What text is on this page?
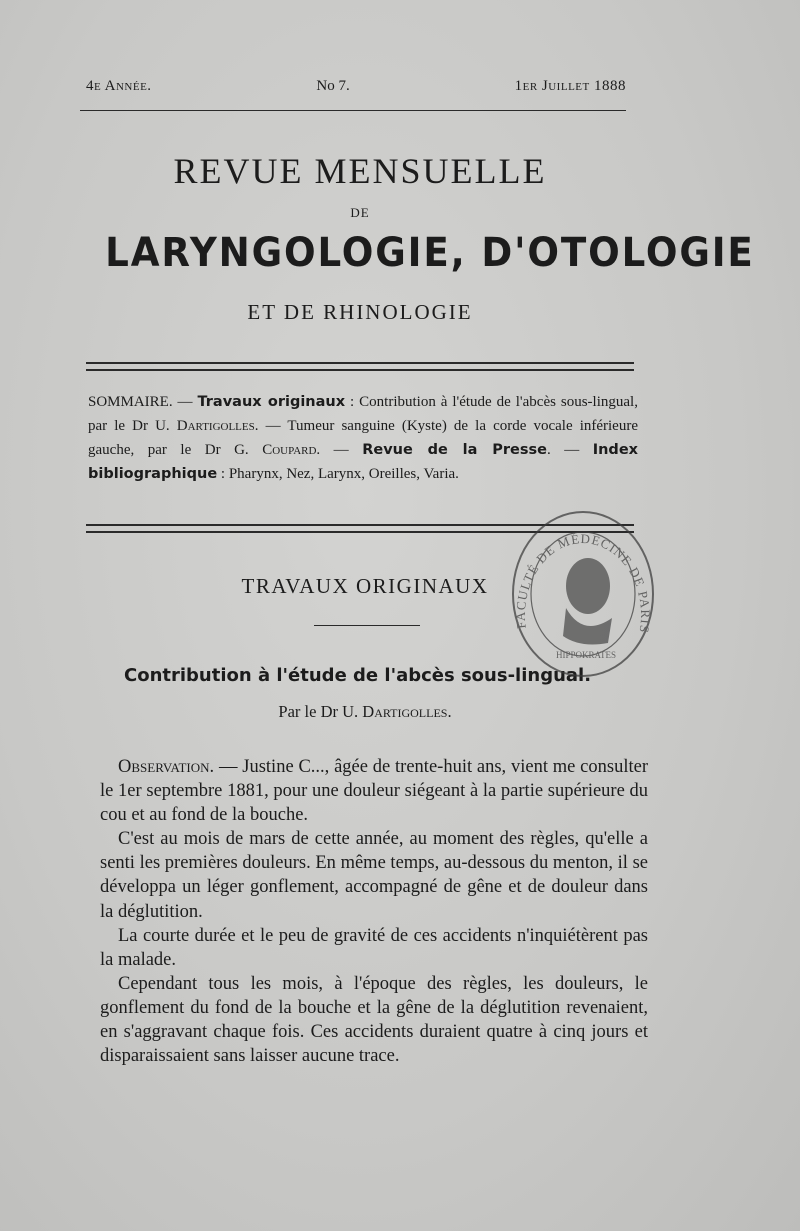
4e Année.	No 7.	1er Juillet 1888
REVUE MENSUELLE
DE
LARYNGOLOGIE, D'OTOLOGIE
ET DE RHINOLOGIE
SOMMAIRE. — Travaux originaux : Contribution à l'étude de l'abcès sous-lingual, par le Dr U. Dartigolles. — Tumeur sanguine (Kyste) de la corde vocale inférieure gauche, par le Dr G. Coupard. — Revue de la Presse. — Index bibliographique : Pharynx, Nez, Larynx, Oreilles, Varia.
TRAVAUX ORIGINAUX
Contribution à l'étude de l'abcès sous-lingual.
Par le Dr U. Dartigolles.

Observation. — Justine C..., âgée de trente-huit ans, vient me consulter le 1er septembre 1881, pour une douleur siégeant à la partie supérieure du cou et au fond de la bouche.

C'est au mois de mars de cette année, au moment des règles, qu'elle a senti les premières douleurs. En même temps, au-dessous du menton, il se développa un léger gonflement, accompagné de gêne et de douleur dans la déglutition.

La courte durée et le peu de gravité de ces accidents n'inquiétèrent pas la malade.

Cependant tous les mois, à l'époque des règles, les douleurs, le gonflement du fond de la bouche et la gêne de la déglutition revenaient, en s'aggravant chaque fois. Ces accidents duraient quatre à cinq jours et disparaissaient sans laisser aucune trace.

FACULTÉ DE MÉDECINE DE PARIS
HIPPOKRATES
